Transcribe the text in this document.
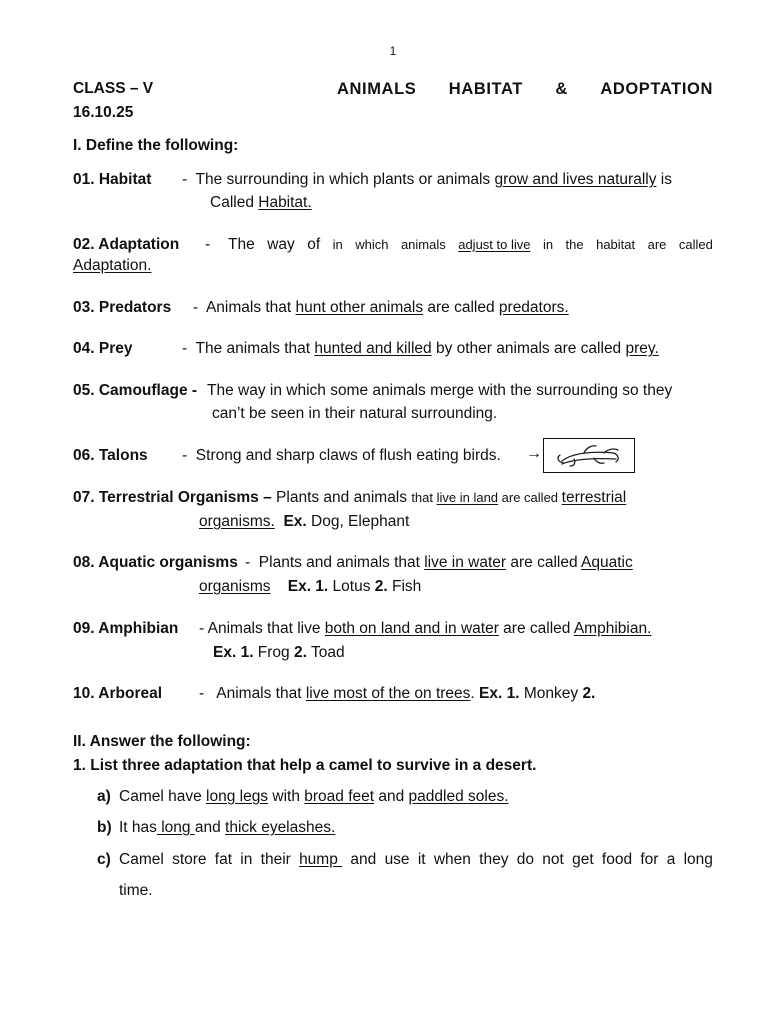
1
CLASS – V	ANIMALS HABITAT & ADOPTATION
16.10.25
I. Define the following:
01. Habitat - The surrounding in which plants or animals grow and lives naturally is
Called Habitat.
02. Adaptation - The way of in which animals adjust to live in the habitat are called
Adaptation.
03. Predators - Animals that hunt other animals are called predators.
04. Prey	- The animals that hunted and killed by other animals are called prey.
05. Camouflage - The way in which some animals merge with the surrounding so they
can’t be seen in their natural surrounding.
06. Talons - Strong and sharp claws of flush eating birds. →
07. Terrestrial Organisms – Plants and animals that live in land are called terrestrial
organisms. Ex. Dog, Elephant
08. Aquatic organisms - Plants and animals that live in water are called Aquatic
organisms Ex. 1. Lotus 2. Fish
09. Amphibian - Animals that live both on land and in water are called Amphibian.
Ex. 1. Frog 2. Toad
10. Arboreal - Animals that live most of the on trees. Ex. 1. Monkey 2.
II. Answer the following:
1. List three adaptation that help a camel to survive in a desert.
a) Camel have long legs with broad feet and paddled soles.
b) It has long and thick eyelashes.
c) Camel store fat in their hump and use it when they do not get food for a long
time.
